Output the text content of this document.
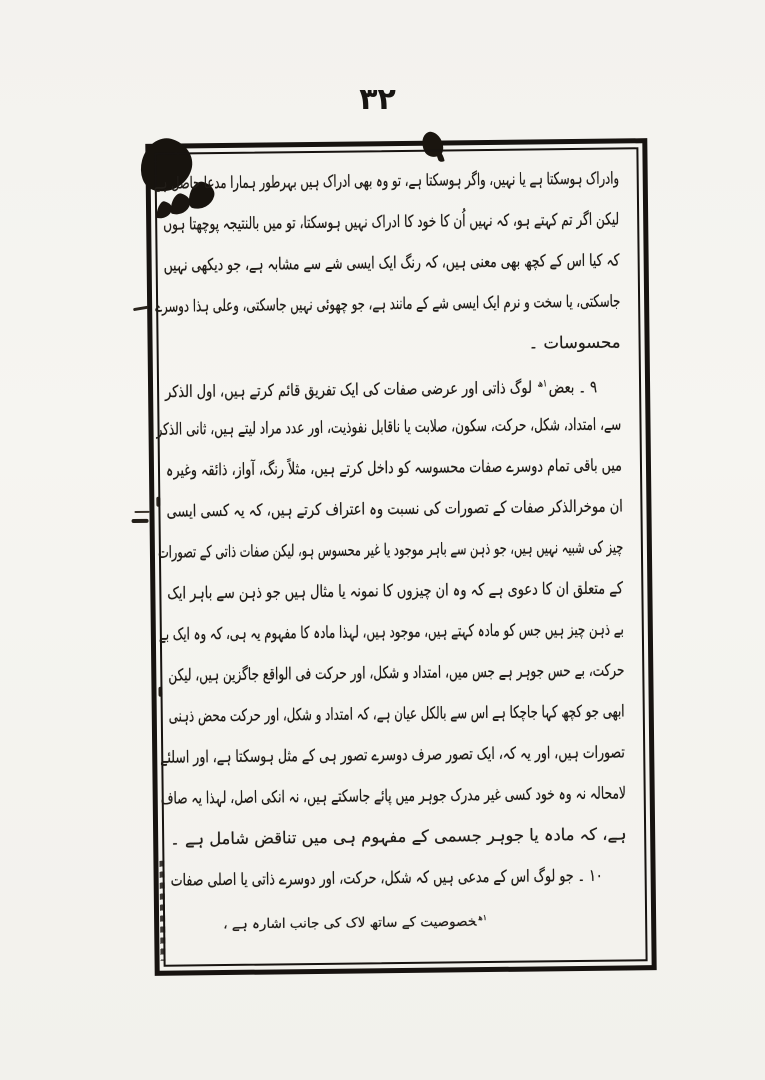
۳۲
وادراک ہوسکتا ہے یا نہیں، واگر ہوسکتا ہے، تو وہ بھی ادراک ہیں بہرطور ہمارا مدعا حاصل ہے
لیکن اگر تم کہتے ہو، کہ نہیں اُن کا خود کا ادراک نہیں ہوسکتا، تو میں بالنتیجہ پوچھتا ہوں
کہ کیا اس کے کچھ بھی معنی ہیں، کہ رنگ ایک ایسی شے سے مشابہ ہے، جو دیکھی نہیں
جاسکتی، یا سخت و نرم ایک ایسی شے کے مانند ہے، جو چھوئی نہیں جاسکتی، وعلی ہذا دوسرے
محسوسات ۔
۹ ۔ بعض$^{۱ھ}$ لوگ ذاتی اور عرضی صفات کی ایک تفریق قائم کرتے ہیں، اول الذکر
سے، امتداد، شکل، حرکت، سکون، صلابت یا ناقابل نفوذیت، اور عدد مراد لیتے ہیں، ثانی الذکر
میں باقی تمام دوسرے صفات محسوسہ کو داخل کرتے ہیں، مثلاً رنگ، آواز، ذائقہ وغیرہ
ان موخرالذکر صفات کے تصورات کی نسبت وہ اعتراف کرتے ہیں، کہ یہ کسی ایسی
چیز کی شبیہ نہیں ہیں، جو ذہن سے باہر موجود یا غیر محسوس ہو، لیکن صفات ذاتی کے تصورات
کے متعلق ان کا دعوی ہے کہ وہ ان چیزوں کا نمونہ یا مثال ہیں جو ذہن سے باہر ایک
بے ذہن چیز ہیں جس کو مادہ کہتے ہیں، موجود ہیں، لہذا مادہ کا مفہوم یہ ہی، کہ وہ ایک بے
حرکت، بے حس جوہر ہے جس میں، امتداد و شکل، اور حرکت فی الواقع جاگزین ہیں، لیکن
ابھی جو کچھ کہا جاچکا ہے اس سے بالکل عیان ہے، کہ امتداد و شکل، اور حرکت محض ذہنی
تصورات ہیں، اور یہ کہ، ایک تصور صرف دوسرے تصور ہی کے مثل ہوسکتا ہے، اور اسلئے
لامحالہ نہ وہ خود کسی غیر مدرک جوہر میں پائے جاسکتے ہیں، نہ انکی اصل، لہذا یہ صاف
ہے، کہ مادہ یا جوہر جسمی کے مفہوم ہی میں تناقض شامل ہے ۔
۱۰ ۔ جو لوگ اس کے مدعی ہیں کہ شکل، حرکت، اور دوسرے ذاتی یا اصلی صفات
$^{۱ھ}$خصوصیت کے ساتھ لاک کی جانب اشارہ ہے ،
